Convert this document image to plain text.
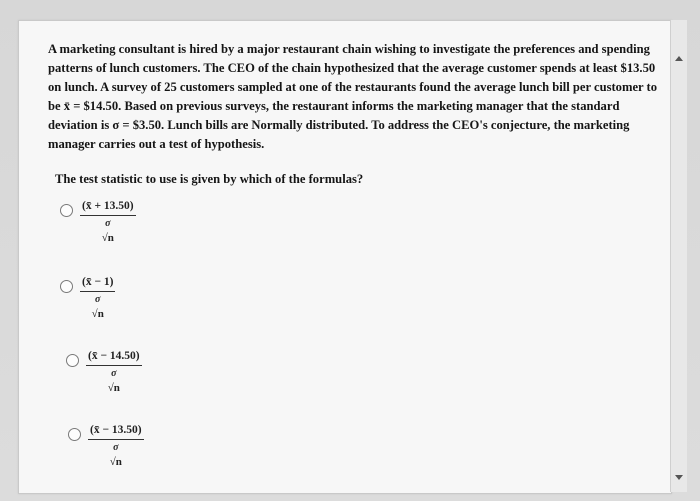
A marketing consultant is hired by a major restaurant chain wishing to investigate the preferences and spending patterns of lunch customers. The CEO of the chain hypothesized that the average customer spends at least $13.50 on lunch. A survey of 25 customers sampled at one of the restaurants found the average lunch bill per customer to be x̄ = $14.50. Based on previous surveys, the restaurant informs the marketing manager that the standard deviation is σ = $3.50. Lunch bills are Normally distributed. To address the CEO's conjecture, the marketing manager carries out a test of hypothesis.

The test statistic to use is given by which of the formulas?
(x̄ + 13.50)
σ
√n
(x̄ − 1)
σ
√n
(x̄ − 14.50)
σ
√n
(x̄ − 13.50)
σ
√n
